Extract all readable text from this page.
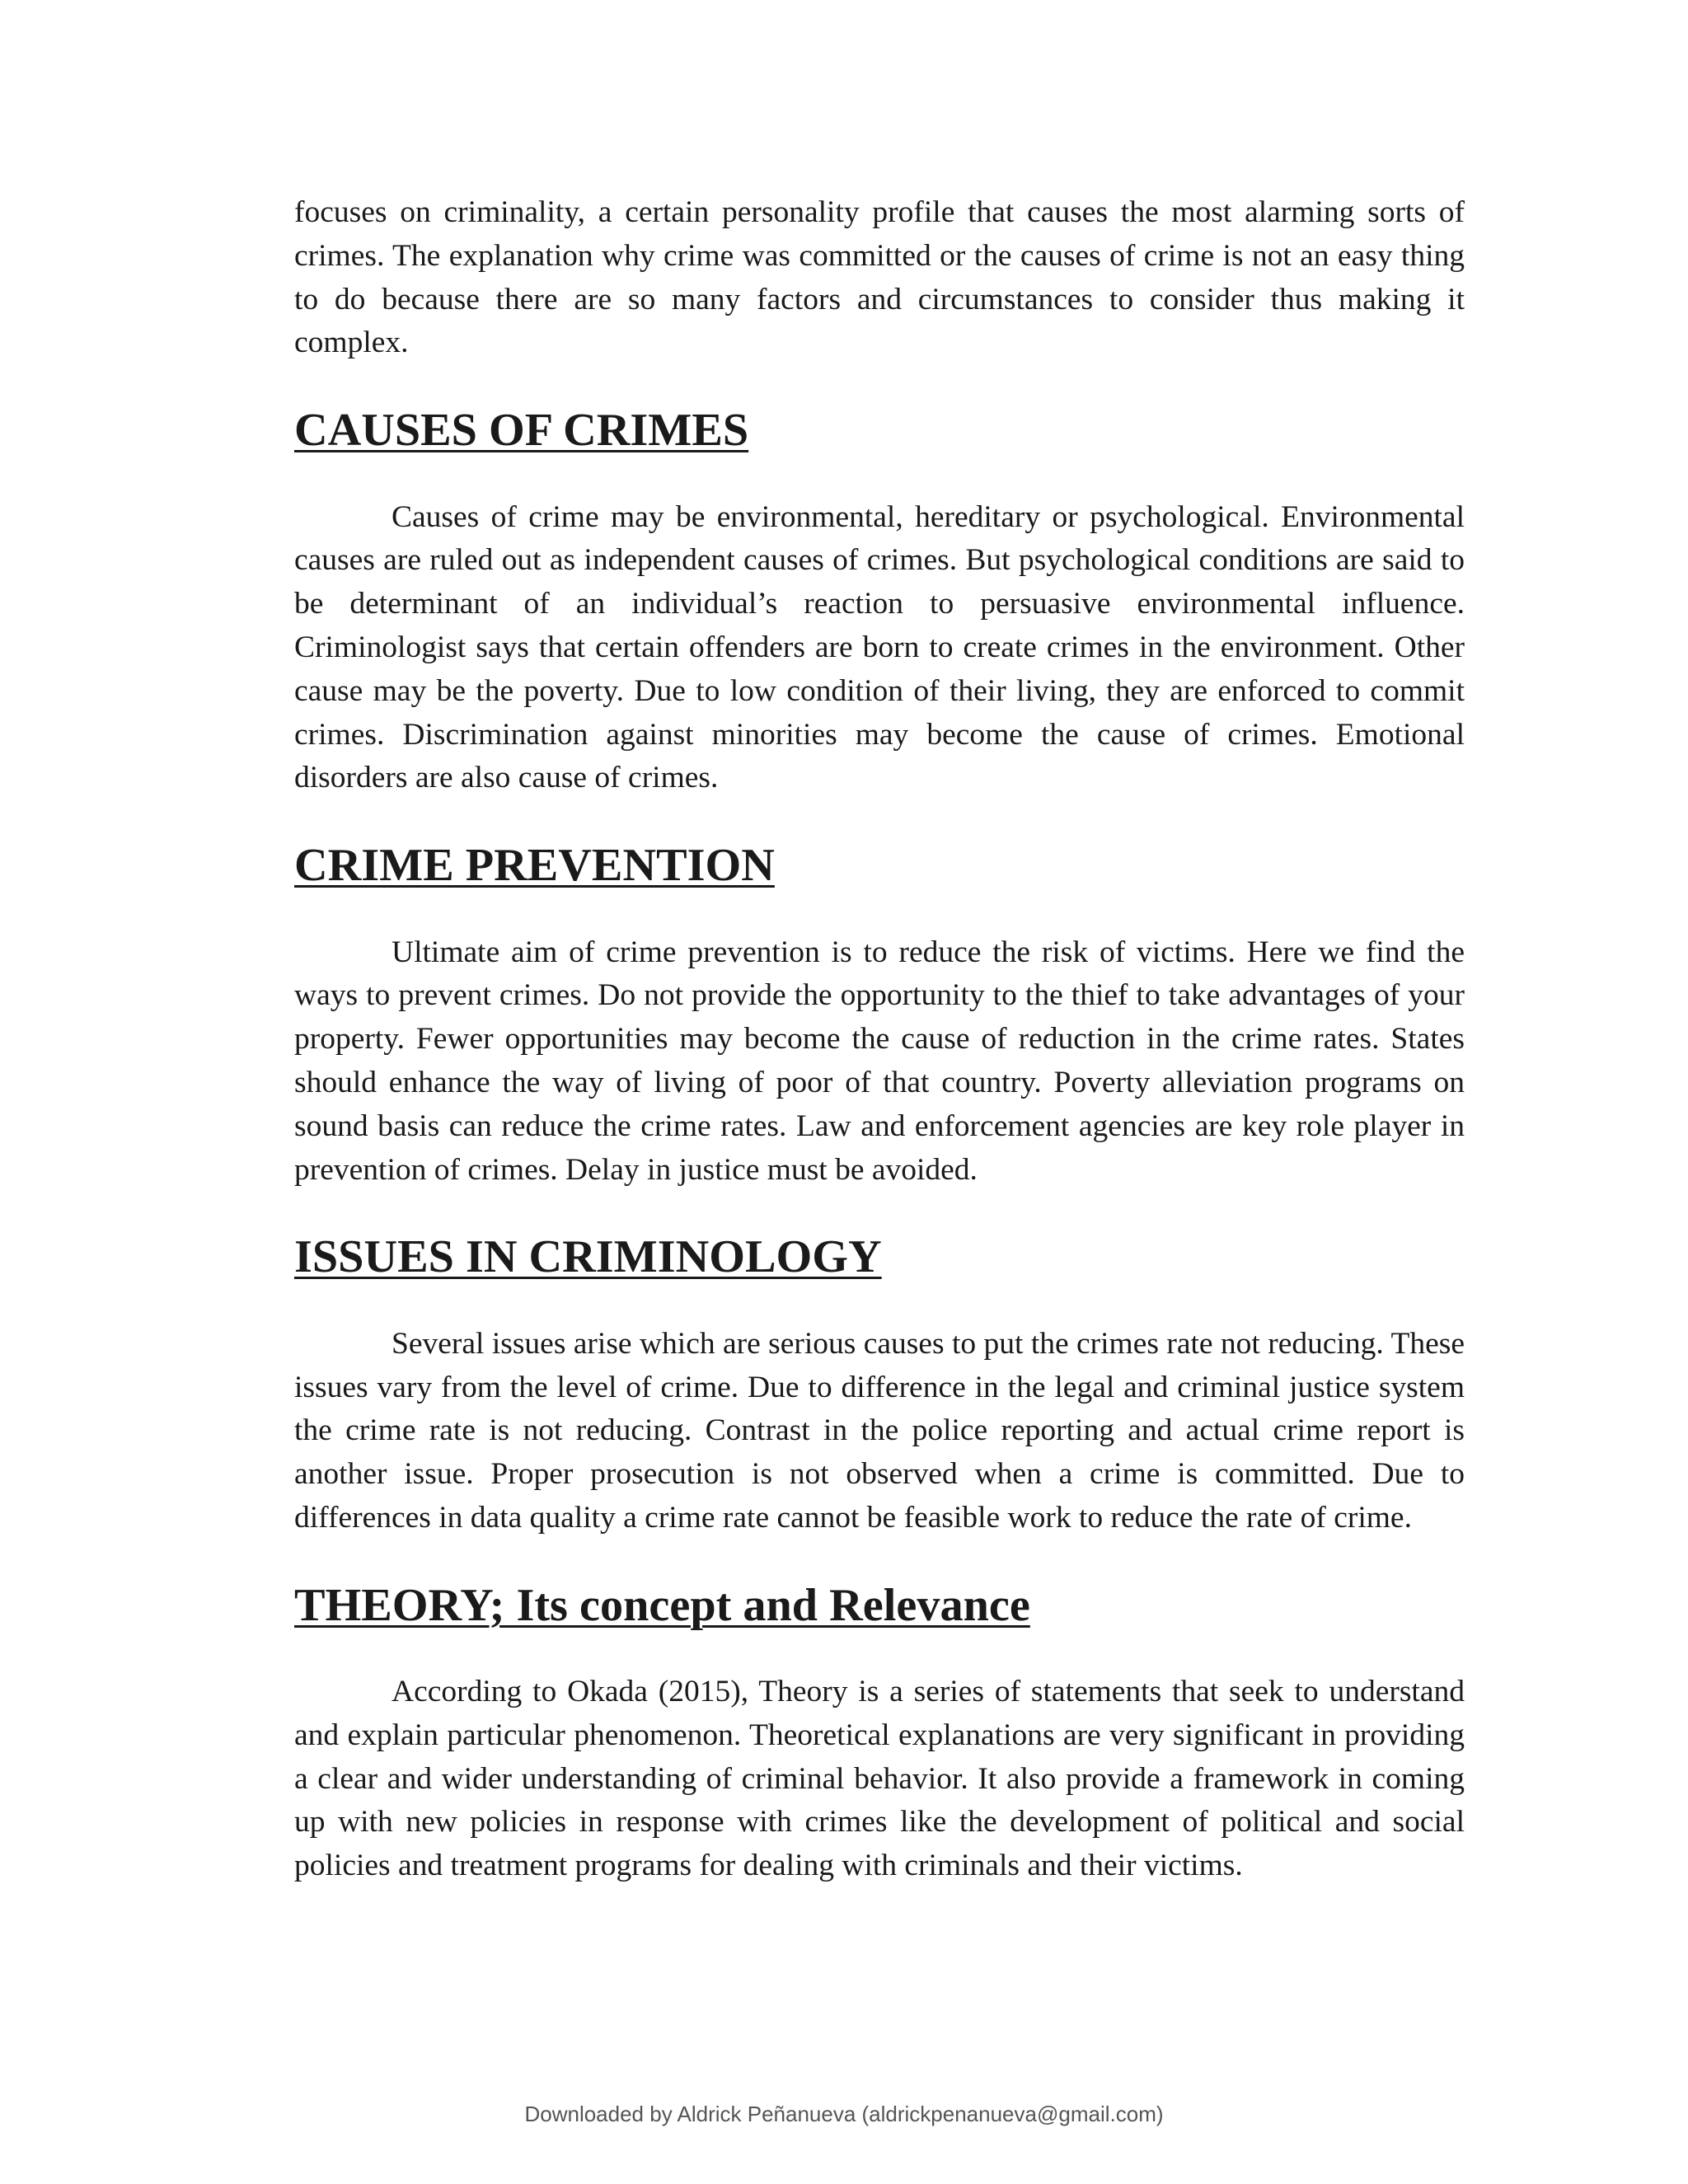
focuses on criminality, a certain personality profile that causes the most alarming sorts of crimes. The explanation why crime was committed or the causes of crime is not an easy thing to do because there are so many factors and circumstances to consider thus making it complex.

CAUSES OF CRIMES

Causes of crime may be environmental, hereditary or psychological. Environmental causes are ruled out as independent causes of crimes. But psychological conditions are said to be determinant of an individual’s reaction to persuasive environmental influence. Criminologist says that certain offenders are born to create crimes in the environment. Other cause may be the poverty. Due to low condition of their living, they are enforced to commit crimes. Discrimination against minorities may become the cause of crimes. Emotional disorders are also cause of crimes.

CRIME PREVENTION

Ultimate aim of crime prevention is to reduce the risk of victims. Here we find the ways to prevent crimes. Do not provide the opportunity to the thief to take advantages of your property. Fewer opportunities may become the cause of reduction in the crime rates. States should enhance the way of living of poor of that country. Poverty alleviation programs on sound basis can reduce the crime rates. Law and enforcement agencies are key role player in prevention of crimes. Delay in justice must be avoided.

ISSUES IN CRIMINOLOGY

Several issues arise which are serious causes to put the crimes rate not reducing. These issues vary from the level of crime. Due to difference in the legal and criminal justice system the crime rate is not reducing. Contrast in the police reporting and actual crime report is another issue. Proper prosecution is not observed when a crime is committed. Due to differences in data quality a crime rate cannot be feasible work to reduce the rate of crime.

THEORY; Its concept and Relevance

According to Okada (2015), Theory is a series of statements that seek to understand and explain particular phenomenon. Theoretical explanations are very significant in providing a clear and wider understanding of criminal behavior. It also provide a framework in coming up with new policies in response with crimes like the development of political and social policies and treatment programs for dealing with criminals and their victims.

Downloaded by Aldrick Peñanueva (aldrickpenanueva@gmail.com)
